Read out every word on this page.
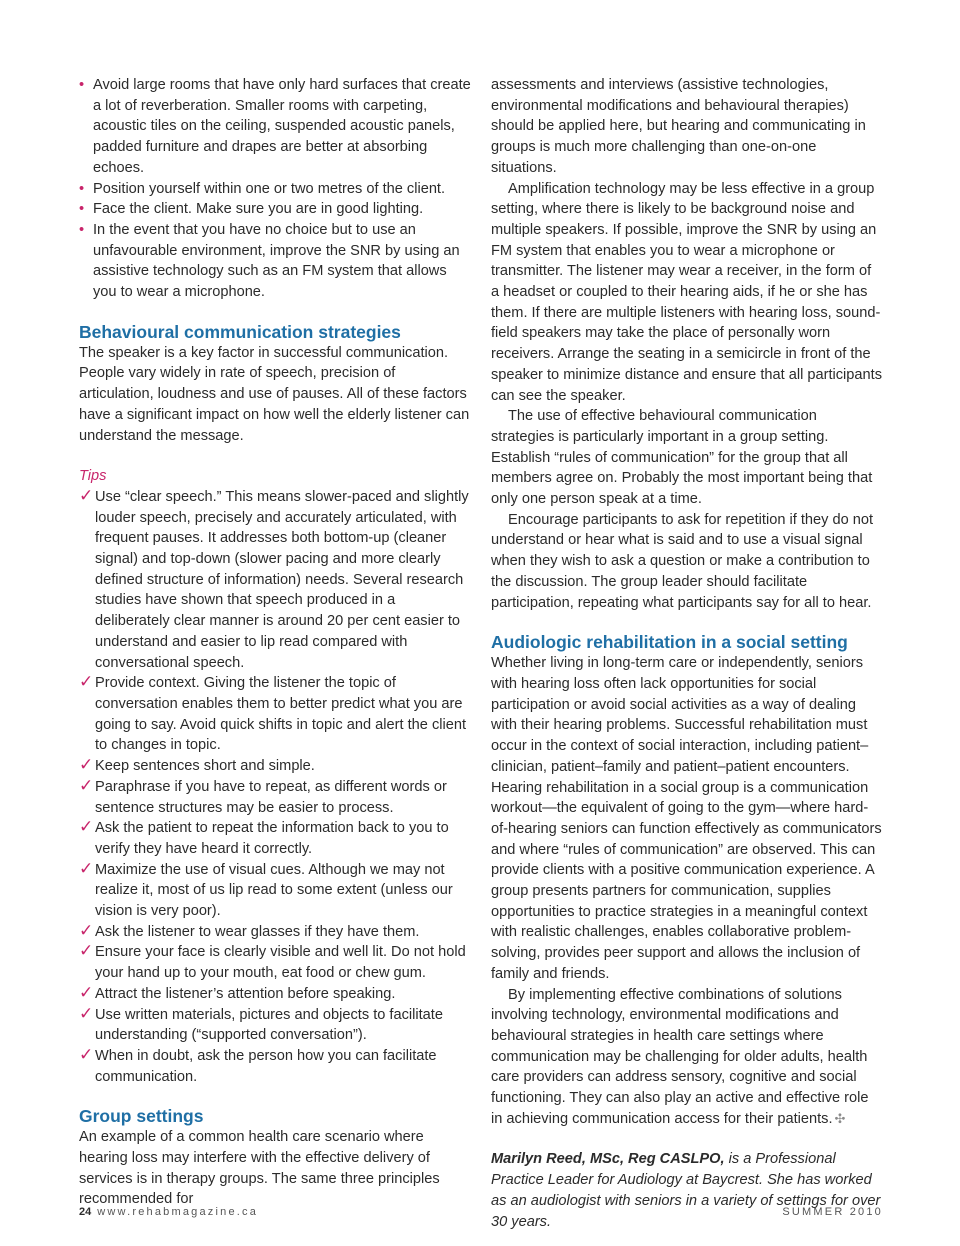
• Avoid large rooms that have only hard surfaces that create a lot of reverberation. Smaller rooms with carpeting, acoustic tiles on the ceiling, suspended acoustic panels, padded furniture and drapes are better at absorbing echoes.
• Position yourself within one or two metres of the client.
• Face the client. Make sure you are in good lighting.
• In the event that you have no choice but to use an unfavourable environment, improve the SNR by using an assistive technology such as an FM system that allows you to wear a microphone.
Behavioural communication strategies

The speaker is a key factor in successful communication. People vary widely in rate of speech, precision of articulation, loudness and use of pauses. All of these factors have a significant impact on how well the elderly listener can understand the message.

Tips

✓ Use “clear speech.” This means slower-paced and slightly louder speech, precisely and accurately articulated, with frequent pauses. It addresses both bottom-up (cleaner signal) and top-down (slower pacing and more clearly defined structure of information) needs. Several research studies have shown that speech produced in a deliberately clear manner is around 20 per cent easier to understand and easier to lip read compared with conversational speech.
✓ Provide context. Giving the listener the topic of conversation enables them to better predict what you are going to say. Avoid quick shifts in topic and alert the client to changes in topic.
✓ Keep sentences short and simple.
✓ Paraphrase if you have to repeat, as different words or sentence structures may be easier to process.
✓ Ask the patient to repeat the information back to you to verify they have heard it correctly.
✓ Maximize the use of visual cues. Although we may not realize it, most of us lip read to some extent (unless our vision is very poor).
✓ Ask the listener to wear glasses if they have them.
✓ Ensure your face is clearly visible and well lit. Do not hold your hand up to your mouth, eat food or chew gum.
✓ Attract the listener’s attention before speaking.
✓ Use written materials, pictures and objects to facilitate understanding (“supported conversation”).
✓ When in doubt, ask the person how you can facilitate communication.
Group settings

An example of a common health care scenario where hearing loss may interfere with the effective delivery of services is in therapy groups. The same three principles recommended for

assessments and interviews (assistive technologies, environmental modifications and behavioural therapies) should be applied here, but hearing and communicating in groups is much more challenging than one-on-one situations.

Amplification technology may be less effective in a group setting, where there is likely to be background noise and multiple speakers. If possible, improve the SNR by using an FM system that enables you to wear a microphone or transmitter. The listener may wear a receiver, in the form of a headset or coupled to their hearing aids, if he or she has them. If there are multiple listeners with hearing loss, sound-field speakers may take the place of personally worn receivers. Arrange the seating in a semicircle in front of the speaker to minimize distance and ensure that all participants can see the speaker.

The use of effective behavioural communication strategies is particularly important in a group setting. Establish “rules of communication” for the group that all members agree on. Probably the most important being that only one person speak at a time.

Encourage participants to ask for repetition if they do not understand or hear what is said and to use a visual signal when they wish to ask a question or make a contribution to the discussion. The group leader should facilitate participation, repeating what participants say for all to hear.

Audiologic rehabilitation in a social setting

Whether living in long-term care or independently, seniors with hearing loss often lack opportunities for social participation or avoid social activities as a way of dealing with their hearing problems. Successful rehabilitation must occur in the context of social interaction, including patient–clinician, patient–family and patient–patient encounters. Hearing rehabilitation in a social group is a communication workout—the equivalent of going to the gym—where hard-of-hearing seniors can function effectively as communicators and where “rules of communication” are observed. This can provide clients with a positive communication experience. A group presents partners for communication, supplies opportunities to practice strategies in a meaningful context with realistic challenges, enables collaborative problem-solving, provides peer support and allows the inclusion of family and friends.

By implementing effective combinations of solutions involving technology, environmental modifications and behavioural strategies in health care settings where communication may be challenging for older adults, health care providers can address sensory, cognitive and social functioning. They can also play an active and effective role in achieving communication access for their patients. ✣

Marilyn Reed, MSc, Reg CASLPO, is a Professional Practice Leader for Audiology at Baycrest. She has worked as an audiologist with seniors in a variety of settings for over 30 years.

24 www.rehabmagazine.ca	SUMMER 2010
